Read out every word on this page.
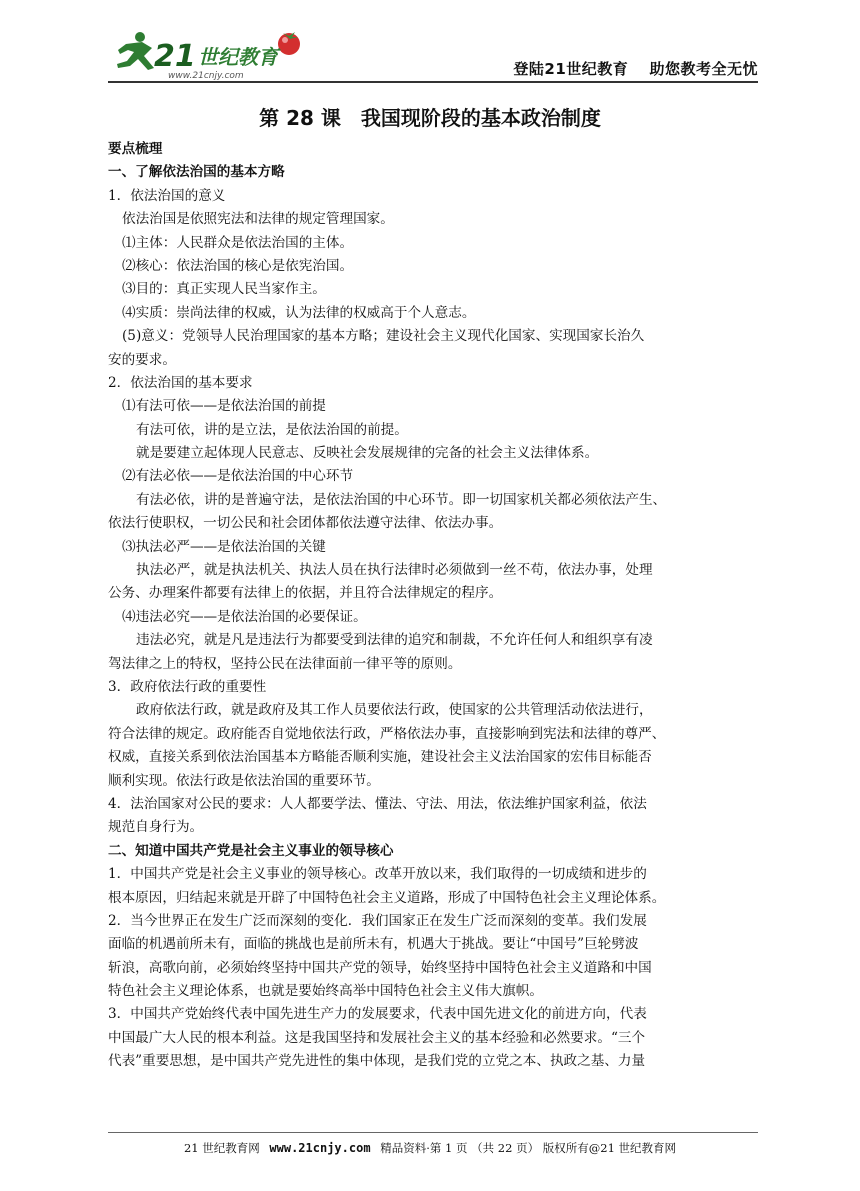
21 世纪教育
www.21cnjy.com	登陆21世纪教育　 助您教考全无忧
第 28 课　我国现阶段的基本政治制度
要点梳理
一、了解依法治国的基本方略
1．依法治国的意义
依法治国是依照宪法和法律的规定管理国家。
⑴主体：人民群众是依法治国的主体。
⑵核心：依法治国的核心是依宪治国。
⑶目的：真正实现人民当家作主。
⑷实质：崇尚法律的权威，认为法律的权威高于个人意志。
(5)意义：党领导人民治理国家的基本方略；建设社会主义现代化国家、实现国家长治久
安的要求。
2．依法治国的基本要求
⑴有法可依——是依法治国的前提
有法可依，讲的是立法，是依法治国的前提。
就是要建立起体现人民意志、反映社会发展规律的完备的社会主义法律体系。
⑵有法必依——是依法治国的中心环节
有法必依，讲的是普遍守法，是依法治国的中心环节。即一切国家机关都必须依法产生、
依法行使职权，一切公民和社会团体都依法遵守法律、依法办事。
⑶执法必严——是依法治国的关键
执法必严，就是执法机关、执法人员在执行法律时必须做到一丝不苟，依法办事，处理
公务、办理案件都要有法律上的依据，并且符合法律规定的程序。
⑷违法必究——是依法治国的必要保证。
违法必究，就是凡是违法行为都要受到法律的追究和制裁，不允许任何人和组织享有凌
驾法律之上的特权，坚持公民在法律面前一律平等的原则。
3．政府依法行政的重要性
政府依法行政，就是政府及其工作人员要依法行政，使国家的公共管理活动依法进行，
符合法律的规定。政府能否自觉地依法行政，严格依法办事，直接影响到宪法和法律的尊严、
权威，直接关系到依法治国基本方略能否顺利实施，建设社会主义法治国家的宏伟目标能否
顺利实现。依法行政是依法治国的重要环节。
4．法治国家对公民的要求：人人都要学法、懂法、守法、用法，依法维护国家利益，依法
规范自身行为。
二、知道中国共产党是社会主义事业的领导核心
1．中国共产党是社会主义事业的领导核心。改革开放以来，我们取得的一切成绩和进步的
根本原因，归结起来就是开辟了中国特色社会主义道路，形成了中国特色社会主义理论体系。
2．当今世界正在发生广泛而深刻的变化．我们国家正在发生广泛而深刻的变革。我们发展
面临的机遇前所未有，面临的挑战也是前所未有，机遇大于挑战。要让“中国号”巨轮劈波
斩浪，高歌向前，必须始终坚持中国共产党的领导，始终坚持中国特色社会主义道路和中国
特色社会主义理论体系，也就是要始终高举中国特色社会主义伟大旗帜。
3．中国共产党始终代表中国先进生产力的发展要求，代表中国先进文化的前进方向，代表
中国最广大人民的根本利益。这是我国坚持和发展社会主义的基本经验和必然要求。“三个
代表”重要思想，是中国共产党先进性的集中体现，是我们党的立党之本、执政之基、力量
21 世纪教育网 www.21cnjy.com 精品资料·第 1 页 （共 22 页） 版权所有@21 世纪教育网
